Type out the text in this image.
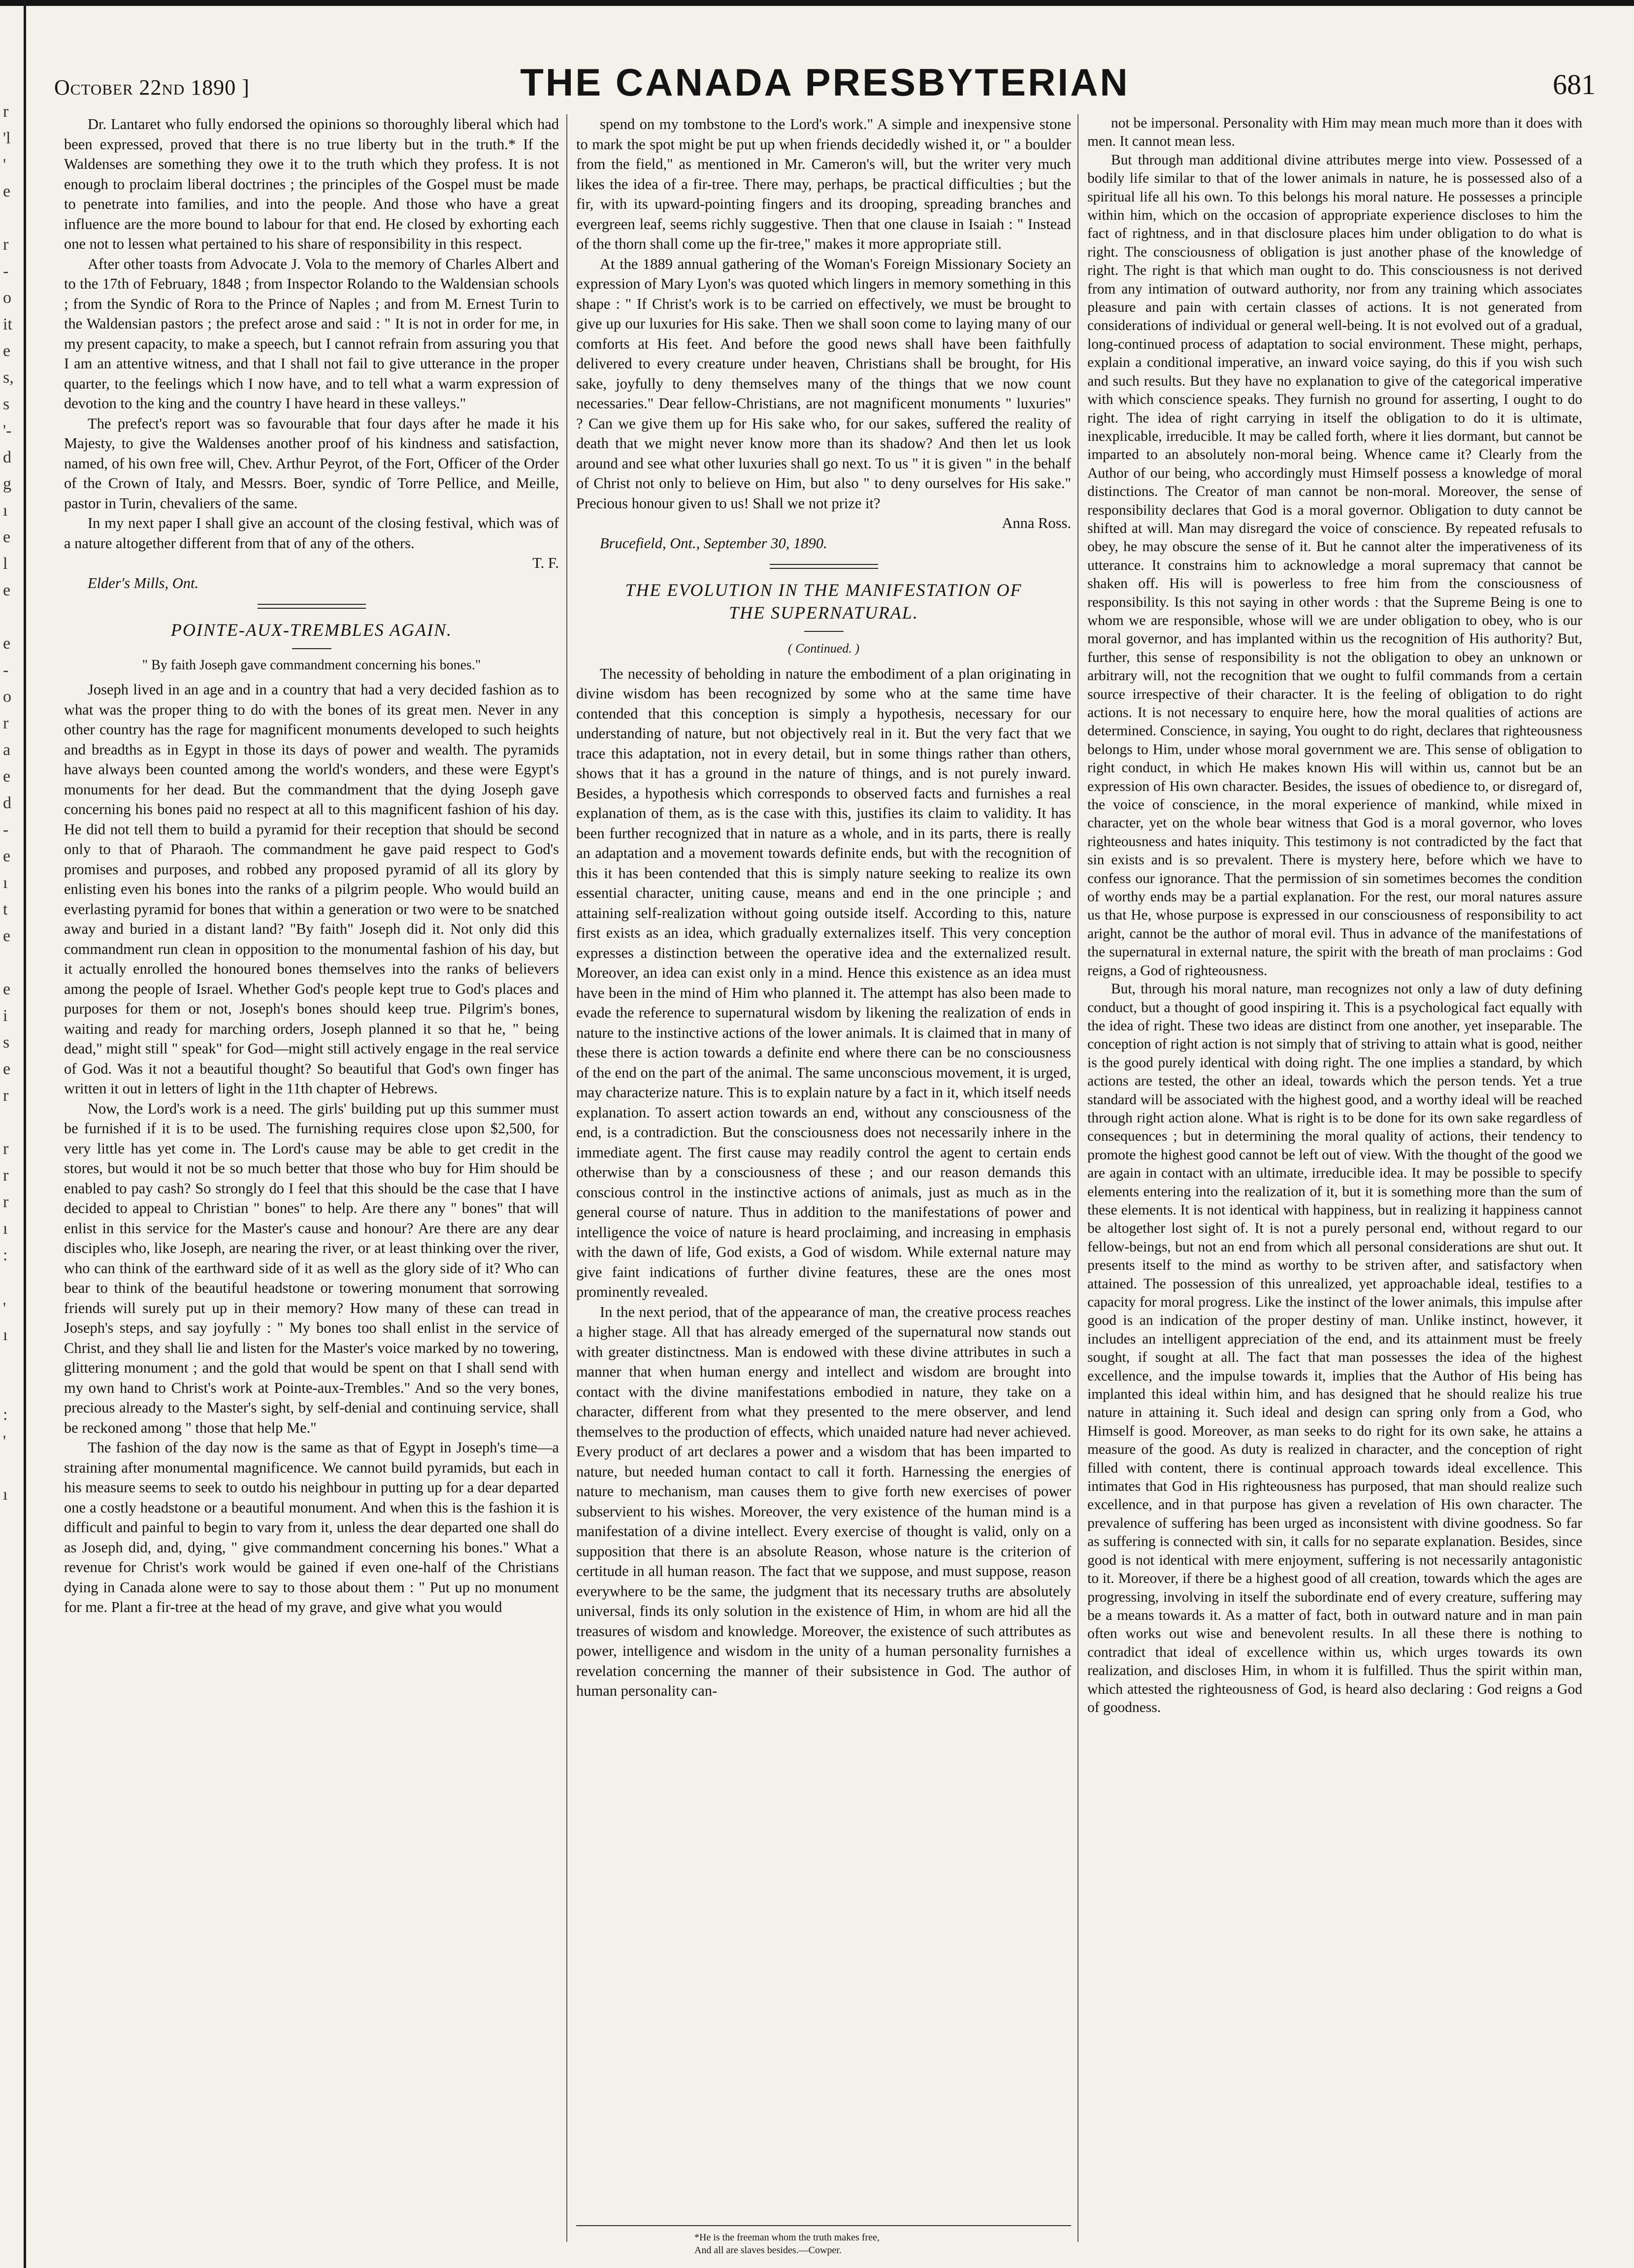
r
'l
'
e
r
-
o
it
e
s,
s
'-
d
g
ı
e
l
e
e
-
o
r
a
e
d
-
e
ı
t
e
e
i
s
e
r
r
r
r
ı
:
'
ı
:
'
ı
October 22nd 1890 ]	THE CANADA PRESBYTERIAN	681

Dr. Lantaret who fully endorsed the opinions so thoroughly liberal which had been expressed, proved that there is no true liberty but in the truth.* If the Waldenses are something they owe it to the truth which they profess. It is not enough to proclaim liberal doctrines ; the principles of the Gospel must be made to penetrate into families, and into the people. And those who have a great influence are the more bound to labour for that end. He closed by exhorting each one not to lessen what pertained to his share of responsibility in this respect.

After other toasts from Advocate J. Vola to the memory of Charles Albert and to the 17th of February, 1848 ; from Inspector Rolando to the Waldensian schools ; from the Syndic of Rora to the Prince of Naples ; and from M. Ernest Turin to the Waldensian pastors ; the prefect arose and said : " It is not in order for me, in my present capacity, to make a speech, but I cannot refrain from assuring you that I am an attentive witness, and that I shall not fail to give utterance in the proper quarter, to the feelings which I now have, and to tell what a warm expression of devotion to the king and the country I have heard in these valleys."

The prefect's report was so favourable that four days after he made it his Majesty, to give the Waldenses another proof of his kindness and satisfaction, named, of his own free will, Chev. Arthur Peyrot, of the Fort, Officer of the Order of the Crown of Italy, and Messrs. Boer, syndic of Torre Pellice, and Meille, pastor in Turin, chevaliers of the same.

In my next paper I shall give an account of the closing festival, which was of a nature altogether different from that of any of the others.

T. F.

Elder's Mills, Ont.

POINTE-AUX-TREMBLES AGAIN.
" By faith Joseph gave commandment concerning his bones."

Joseph lived in an age and in a country that had a very decided fashion as to what was the proper thing to do with the bones of its great men. Never in any other country has the rage for magnificent monuments developed to such heights and breadths as in Egypt in those its days of power and wealth. The pyramids have always been counted among the world's wonders, and these were Egypt's monuments for her dead. But the commandment that the dying Joseph gave concerning his bones paid no respect at all to this magnificent fashion of his day. He did not tell them to build a pyramid for their reception that should be second only to that of Pharaoh. The commandment he gave paid respect to God's promises and purposes, and robbed any proposed pyramid of all its glory by enlisting even his bones into the ranks of a pilgrim people. Who would build an everlasting pyramid for bones that within a generation or two were to be snatched away and buried in a distant land? "By faith" Joseph did it. Not only did this commandment run clean in opposition to the monumental fashion of his day, but it actually enrolled the honoured bones themselves into the ranks of believers among the people of Israel. Whether God's people kept true to God's places and purposes for them or not, Joseph's bones should keep true. Pilgrim's bones, waiting and ready for marching orders, Joseph planned it so that he, " being dead," might still " speak" for God—might still actively engage in the real service of God. Was it not a beautiful thought? So beautiful that God's own finger has written it out in letters of light in the 11th chapter of Hebrews.

Now, the Lord's work is a need. The girls' building put up this summer must be furnished if it is to be used. The furnishing requires close upon $2,500, for very little has yet come in. The Lord's cause may be able to get credit in the stores, but would it not be so much better that those who buy for Him should be enabled to pay cash? So strongly do I feel that this should be the case that I have decided to appeal to Christian " bones" to help. Are there any " bones" that will enlist in this service for the Master's cause and honour? Are there are any dear disciples who, like Joseph, are nearing the river, or at least thinking over the river, who can think of the earthward side of it as well as the glory side of it? Who can bear to think of the beautiful headstone or towering monument that sorrowing friends will surely put up in their memory? How many of these can tread in Joseph's steps, and say joyfully : " My bones too shall enlist in the service of Christ, and they shall lie and listen for the Master's voice marked by no towering, glittering monument ; and the gold that would be spent on that I shall send with my own hand to Christ's work at Pointe-aux-Trembles." And so the very bones, precious already to the Master's sight, by self-denial and continuing service, shall be reckoned among " those that help Me."

The fashion of the day now is the same as that of Egypt in Joseph's time—a straining after monumental magnificence. We cannot build pyramids, but each in his measure seems to seek to outdo his neighbour in putting up for a dear departed one a costly headstone or a beautiful monument. And when this is the fashion it is difficult and painful to begin to vary from it, unless the dear departed one shall do as Joseph did, and, dying, " give commandment concerning his bones." What a revenue for Christ's work would be gained if even one-half of the Christians dying in Canada alone were to say to those about them : " Put up no monument for me. Plant a fir-tree at the head of my grave, and give what you would

spend on my tombstone to the Lord's work." A simple and inexpensive stone to mark the spot might be put up when friends decidedly wished it, or " a boulder from the field," as mentioned in Mr. Cameron's will, but the writer very much likes the idea of a fir-tree. There may, perhaps, be practical difficulties ; but the fir, with its upward-pointing fingers and its drooping, spreading branches and evergreen leaf, seems richly suggestive. Then that one clause in Isaiah : " Instead of the thorn shall come up the fir-tree," makes it more appropriate still.

At the 1889 annual gathering of the Woman's Foreign Missionary Society an expression of Mary Lyon's was quoted which lingers in memory something in this shape : " If Christ's work is to be carried on effectively, we must be brought to give up our luxuries for His sake. Then we shall soon come to laying many of our comforts at His feet. And before the good news shall have been faithfully delivered to every creature under heaven, Christians shall be brought, for His sake, joyfully to deny themselves many of the things that we now count necessaries." Dear fellow-Christians, are not magnificent monuments " luxuries" ? Can we give them up for His sake who, for our sakes, suffered the reality of death that we might never know more than its shadow? And then let us look around and see what other luxuries shall go next. To us " it is given " in the behalf of Christ not only to believe on Him, but also " to deny ourselves for His sake." Precious honour given to us! Shall we not prize it?

Anna Ross.

Brucefield, Ont., September 30, 1890.

THE EVOLUTION IN THE MANIFESTATION OF
THE SUPERNATURAL.
( Continued. )

The necessity of beholding in nature the embodiment of a plan originating in divine wisdom has been recognized by some who at the same time have contended that this conception is simply a hypothesis, necessary for our understanding of nature, but not objectively real in it. But the very fact that we trace this adaptation, not in every detail, but in some things rather than others, shows that it has a ground in the nature of things, and is not purely inward. Besides, a hypothesis which corresponds to observed facts and furnishes a real explanation of them, as is the case with this, justifies its claim to validity. It has been further recognized that in nature as a whole, and in its parts, there is really an adaptation and a movement towards definite ends, but with the recognition of this it has been contended that this is simply nature seeking to realize its own essential character, uniting cause, means and end in the one principle ; and attaining self-realization without going outside itself. According to this, nature first exists as an idea, which gradually externalizes itself. This very conception expresses a distinction between the operative idea and the externalized result. Moreover, an idea can exist only in a mind. Hence this existence as an idea must have been in the mind of Him who planned it. The attempt has also been made to evade the reference to supernatural wisdom by likening the realization of ends in nature to the instinctive actions of the lower animals. It is claimed that in many of these there is action towards a definite end where there can be no consciousness of the end on the part of the animal. The same unconscious movement, it is urged, may characterize nature. This is to explain nature by a fact in it, which itself needs explanation. To assert action towards an end, without any consciousness of the end, is a contradiction. But the consciousness does not necessarily inhere in the immediate agent. The first cause may readily control the agent to certain ends otherwise than by a consciousness of these ; and our reason demands this conscious control in the instinctive actions of animals, just as much as in the general course of nature. Thus in addition to the manifestations of power and intelligence the voice of nature is heard proclaiming, and increasing in emphasis with the dawn of life, God exists, a God of wisdom. While external nature may give faint indications of further divine features, these are the ones most prominently revealed.

In the next period, that of the appearance of man, the creative process reaches a higher stage. All that has already emerged of the supernatural now stands out with greater distinctness. Man is endowed with these divine attributes in such a manner that when human energy and intellect and wisdom are brought into contact with the divine manifestations embodied in nature, they take on a character, different from what they presented to the mere observer, and lend themselves to the production of effects, which unaided nature had never achieved. Every product of art declares a power and a wisdom that has been imparted to nature, but needed human contact to call it forth. Harnessing the energies of nature to mechanism, man causes them to give forth new exercises of power subservient to his wishes. Moreover, the very existence of the human mind is a manifestation of a divine intellect. Every exercise of thought is valid, only on a supposition that there is an absolute Reason, whose nature is the criterion of certitude in all human reason. The fact that we suppose, and must suppose, reason everywhere to be the same, the judgment that its necessary truths are absolutely universal, finds its only solution in the existence of Him, in whom are hid all the treasures of wisdom and knowledge. Moreover, the existence of such attributes as power, intelligence and wisdom in the unity of a human personality furnishes a revelation concerning the manner of their subsistence in God. The author of human personality can-

not be impersonal. Personality with Him may mean much more than it does with men. It cannot mean less.

But through man additional divine attributes merge into view. Possessed of a bodily life similar to that of the lower animals in nature, he is possessed also of a spiritual life all his own. To this belongs his moral nature. He possesses a principle within him, which on the occasion of appropriate experience discloses to him the fact of rightness, and in that disclosure places him under obligation to do what is right. The consciousness of obligation is just another phase of the knowledge of right. The right is that which man ought to do. This consciousness is not derived from any intimation of outward authority, nor from any training which associates pleasure and pain with certain classes of actions. It is not generated from considerations of individual or general well-being. It is not evolved out of a gradual, long-continued process of adaptation to social environment. These might, perhaps, explain a conditional imperative, an inward voice saying, do this if you wish such and such results. But they have no explanation to give of the categorical imperative with which conscience speaks. They furnish no ground for asserting, I ought to do right. The idea of right carrying in itself the obligation to do it is ultimate, inexplicable, irreducible. It may be called forth, where it lies dormant, but cannot be imparted to an absolutely non-moral being. Whence came it? Clearly from the Author of our being, who accordingly must Himself possess a knowledge of moral distinctions. The Creator of man cannot be non-moral. Moreover, the sense of responsibility declares that God is a moral governor. Obligation to duty cannot be shifted at will. Man may disregard the voice of conscience. By repeated refusals to obey, he may obscure the sense of it. But he cannot alter the imperativeness of its utterance. It constrains him to acknowledge a moral supremacy that cannot be shaken off. His will is powerless to free him from the consciousness of responsibility. Is this not saying in other words : that the Supreme Being is one to whom we are responsible, whose will we are under obligation to obey, who is our moral governor, and has implanted within us the recognition of His authority? But, further, this sense of responsibility is not the obligation to obey an unknown or arbitrary will, not the recognition that we ought to fulfil commands from a certain source irrespective of their character. It is the feeling of obligation to do right actions. It is not necessary to enquire here, how the moral qualities of actions are determined. Conscience, in saying, You ought to do right, declares that righteousness belongs to Him, under whose moral government we are. This sense of obligation to right conduct, in which He makes known His will within us, cannot but be an expression of His own character. Besides, the issues of obedience to, or disregard of, the voice of conscience, in the moral experience of mankind, while mixed in character, yet on the whole bear witness that God is a moral governor, who loves righteousness and hates iniquity. This testimony is not contradicted by the fact that sin exists and is so prevalent. There is mystery here, before which we have to confess our ignorance. That the permission of sin sometimes becomes the condition of worthy ends may be a partial explanation. For the rest, our moral natures assure us that He, whose purpose is expressed in our consciousness of responsibility to act aright, cannot be the author of moral evil. Thus in advance of the manifestations of the supernatural in external nature, the spirit with the breath of man proclaims : God reigns, a God of righteousness.

But, through his moral nature, man recognizes not only a law of duty defining conduct, but a thought of good inspiring it. This is a psychological fact equally with the idea of right. These two ideas are distinct from one another, yet inseparable. The conception of right action is not simply that of striving to attain what is good, neither is the good purely identical with doing right. The one implies a standard, by which actions are tested, the other an ideal, towards which the person tends. Yet a true standard will be associated with the highest good, and a worthy ideal will be reached through right action alone. What is right is to be done for its own sake regardless of consequences ; but in determining the moral quality of actions, their tendency to promote the highest good cannot be left out of view. With the thought of the good we are again in contact with an ultimate, irreducible idea. It may be possible to specify elements entering into the realization of it, but it is something more than the sum of these elements. It is not identical with happiness, but in realizing it happiness cannot be altogether lost sight of. It is not a purely personal end, without regard to our fellow-beings, but not an end from which all personal considerations are shut out. It presents itself to the mind as worthy to be striven after, and satisfactory when attained. The possession of this unrealized, yet approachable ideal, testifies to a capacity for moral progress. Like the instinct of the lower animals, this impulse after good is an indication of the proper destiny of man. Unlike instinct, however, it includes an intelligent appreciation of the end, and its attainment must be freely sought, if sought at all. The fact that man possesses the idea of the highest excellence, and the impulse towards it, implies that the Author of His being has implanted this ideal within him, and has designed that he should realize his true nature in attaining it. Such ideal and design can spring only from a God, who Himself is good. Moreover, as man seeks to do right for its own sake, he attains a measure of the good. As duty is realized in character, and the conception of right filled with content, there is continual approach towards ideal excellence. This intimates that God in His righteousness has purposed, that man should realize such excellence, and in that purpose has given a revelation of His own character. The prevalence of suffering has been urged as inconsistent with divine goodness. So far as suffering is connected with sin, it calls for no separate explanation. Besides, since good is not identical with mere enjoyment, suffering is not necessarily antagonistic to it. Moreover, if there be a highest good of all creation, towards which the ages are progressing, involving in itself the subordinate end of every creature, suffering may be a means towards it. As a matter of fact, both in outward nature and in man pain often works out wise and benevolent results. In all these there is nothing to contradict that ideal of excellence within us, which urges towards its own realization, and discloses Him, in whom it is fulfilled. Thus the spirit within man, which attested the righteousness of God, is heard also declaring : God reigns a God of goodness.

*He is the freeman whom the truth makes free,
And all are slaves besides.—Cowper.
